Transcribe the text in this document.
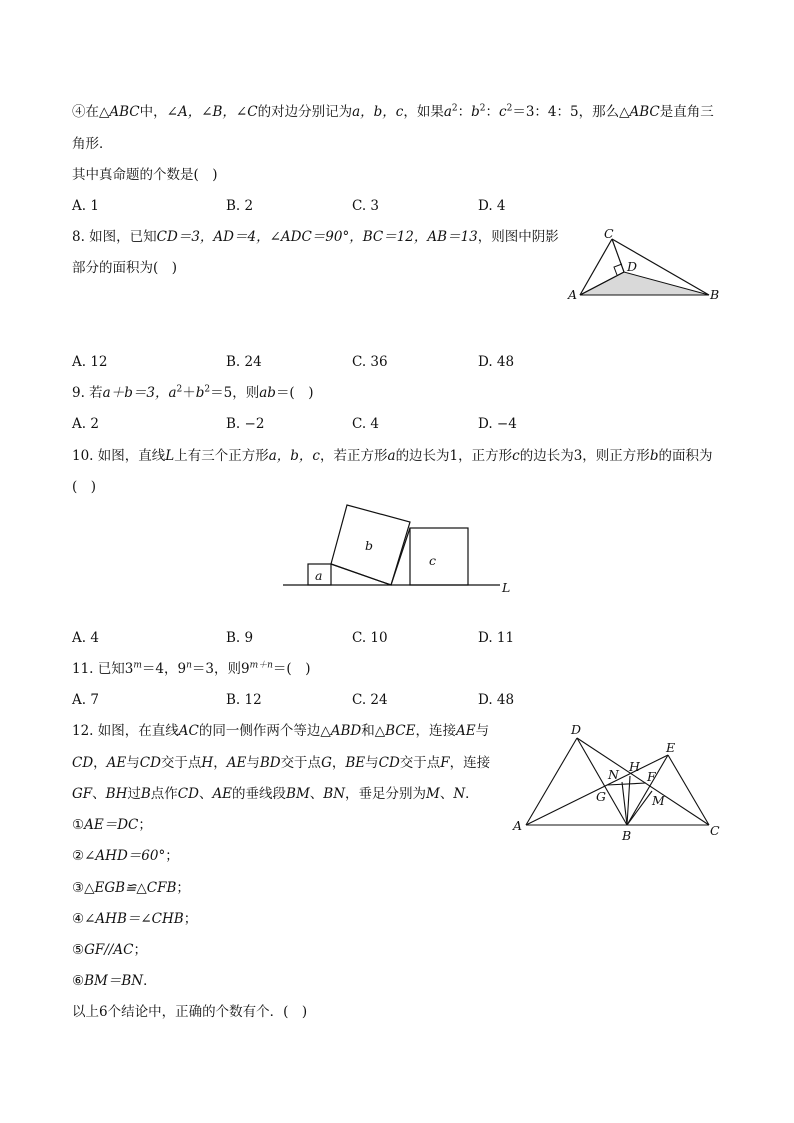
④在△ABC中，∠A，∠B，∠C的对边分别记为a，b，c，如果$a^2$：$b^2$：$c^2=3$：4：5，那么△ABC是直角三
角形．
其中真命题的个数是(　)
A. 1	B. 2	C. 3	D. 4
8. 如图，已知CD＝3，AD＝4，∠ADC＝90°，BC＝12，AB＝13，则图中阴影
部分的面积为(　)
C
D
A	B
A. 12	B. 24	C. 36	D. 48
9. 若a＋b＝3，$a^2+b^2=5$，则ab＝(　)
A. 2	B. −2	C. 4	D. −4
10. 如图，直线L上有三个正方形a，b，c，若正方形a的边长为1，正方形c的边长为3，则正方形b的面积为
(　)
b
c
a
L
A. 4	B. 9	C. 10	D. 11
11. 已知$3^m=4$，$9^n=3$，则$9^{m+n}=$(　)
A. 7	B. 12	C. 24	D. 48
12. 如图，在直线AC的同一侧作两个等边△ABD和△BCE，连接AE与
CD，AE与CD交于点H，AE与BD交于点G，BE与CD交于点F，连接
GF、BH过B点作CD、AE的垂线段BM、BN，垂足分别为M、N．
①AE＝DC；
②∠AHD＝60°；
③△EGB≌△CFB；
④∠AHB＝∠CHB；
⑤GF//AC；
⑥BM＝BN．
以上6个结论中，正确的个数有个．(　)
D
E
H
N F
G	M
A
B	C
